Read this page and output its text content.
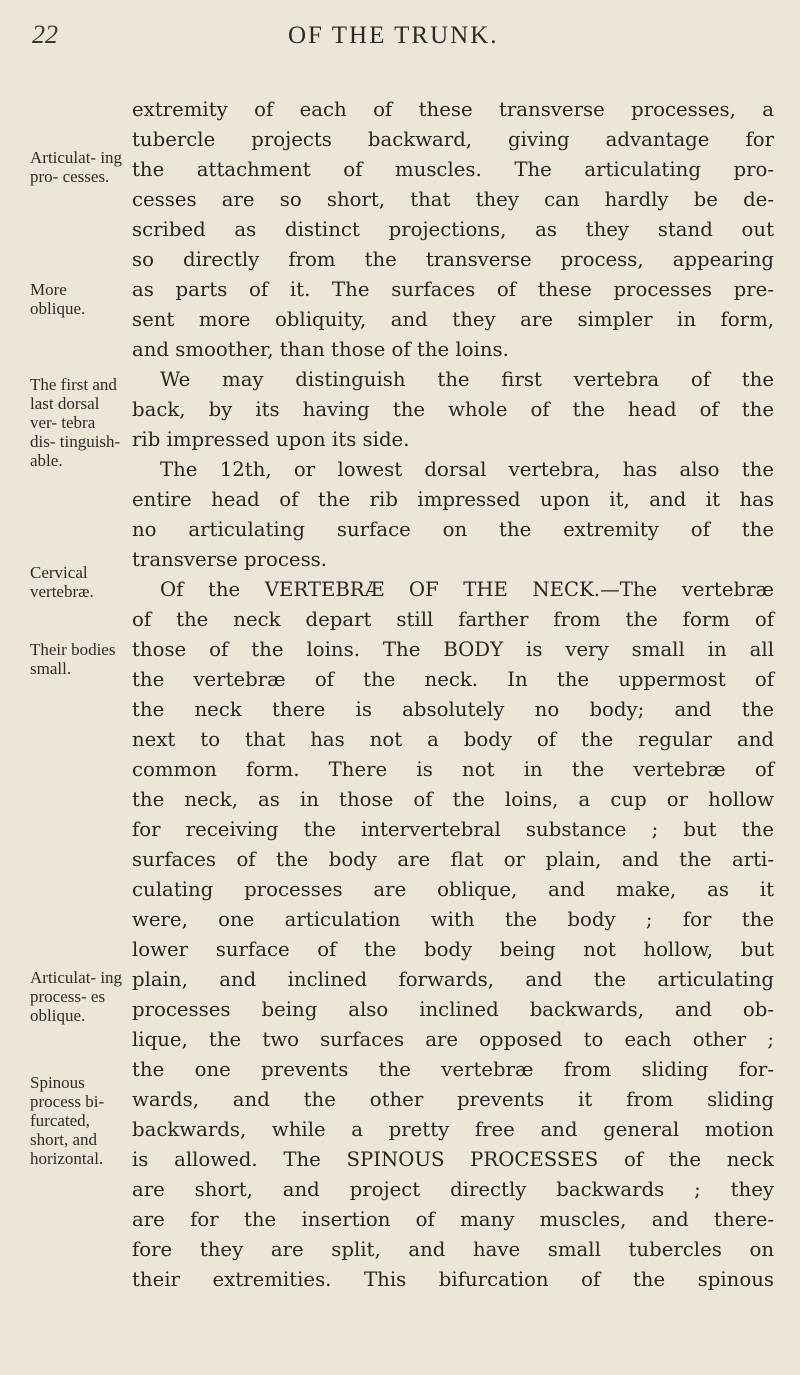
22	OF THE TRUNK.
Articulat- ing pro- cesses.
More oblique.
The first and last dorsal ver- tebra dis- tinguish- able.
Cervical vertebræ.
Their bodies small.
Articulat- ing process- es oblique.
Spinous process bi- furcated, short, and horizontal.
extremity of each of these transverse processes, a
tubercle projects backward, giving advantage for
the attachment of muscles. The articulating pro-
cesses are so short, that they can hardly be de-
scribed as distinct projections, as they stand out
so directly from the transverse process, appearing
as parts of it. The surfaces of these processes pre-
sent more obliquity, and they are simpler in form,
and smoother, than those of the loins.
We may distinguish the first vertebra of the
back, by its having the whole of the head of the
rib impressed upon its side.
The 12th, or lowest dorsal vertebra, has also the
entire head of the rib impressed upon it, and it has
no articulating surface on the extremity of the
transverse process.
Of the VERTEBRÆ OF THE NECK.—The vertebræ
of the neck depart still farther from the form of
those of the loins. The BODY is very small in all
the vertebræ of the neck. In the uppermost of
the neck there is absolutely no body; and the
next to that has not a body of the regular and
common form. There is not in the vertebræ of
the neck, as in those of the loins, a cup or hollow
for receiving the intervertebral substance ; but the
surfaces of the body are flat or plain, and the arti-
culating processes are oblique, and make, as it
were, one articulation with the body ; for the
lower surface of the body being not hollow, but
plain, and inclined forwards, and the articulating
processes being also inclined backwards, and ob-
lique, the two surfaces are opposed to each other ;
the one prevents the vertebræ from sliding for-
wards, and the other prevents it from sliding
backwards, while a pretty free and general motion
is allowed. The SPINOUS PROCESSES of the neck
are short, and project directly backwards ; they
are for the insertion of many muscles, and there-
fore they are split, and have small tubercles on
their extremities. This bifurcation of the spinous
